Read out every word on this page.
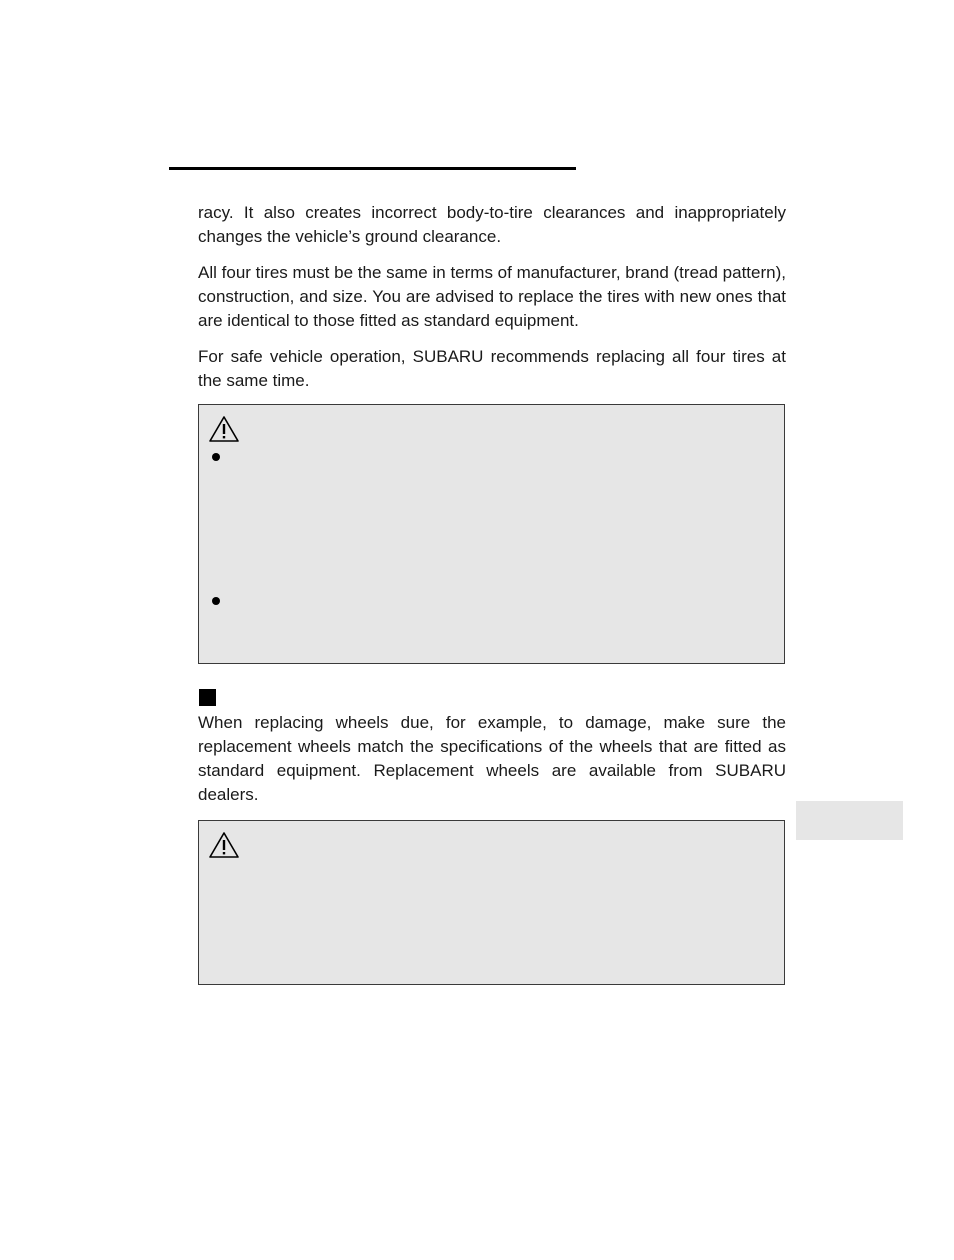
racy. It also creates incorrect body-to-tire clearances and inappropriately changes the vehicle’s ground clearance.

All four tires must be the same in terms of manufacturer, brand (tread pattern), construction, and size. You are advised to replace the tires with new ones that are identical to those fitted as standard equipment.

For safe vehicle operation, SUBARU recommends replacing all four tires at the same time.

When replacing wheels due, for example, to damage, make sure the replacement wheels match the specifications of the wheels that are fitted as standard equipment. Replacement wheels are available from SUBARU dealers.
